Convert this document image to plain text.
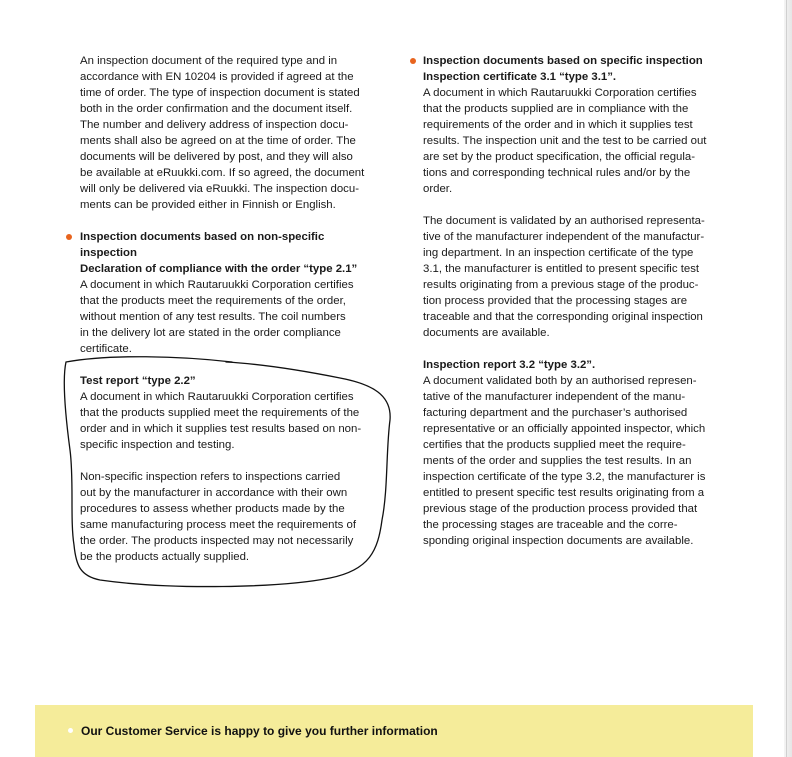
An inspection document of the required type and in
accordance with EN 10204 is provided if agreed at the
time of order. The type of inspection document is stated
both in the order confirmation and the document itself.
The number and delivery address of inspection docu-
ments shall also be agreed on at the time of order. The
documents will be delivered by post, and they will also
be available at eRuukki.com. If so agreed, the document
will only be delivered via eRuukki. The inspection docu-
ments can be provided either in Finnish or English.
Inspection documents based on non-specific
inspection
Declaration of compliance with the order “type 2.1”
A document in which Rautaruukki Corporation certifies
that the products meet the requirements of the order,
without mention of any test results. The coil numbers
in the delivery lot are stated in the order compliance
certificate.
Test report “type 2.2”
A document in which Rautaruukki Corporation certifies
that the products supplied meet the requirements of the
order and in which it supplies test results based on non-
specific inspection and testing.
Non-specific inspection refers to inspections carried
out by the manufacturer in accordance with their own
procedures to assess whether products made by the
same manufacturing process meet the requirements of
the order. The products inspected may not necessarily
be the products actually supplied.
Inspection documents based on specific inspection
Inspection certificate 3.1 “type 3.1”.
A document in which Rautaruukki Corporation certifies
that the products supplied are in compliance with the
requirements of the order and in which it supplies test
results. The inspection unit and the test to be carried out
are set by the product specification, the official regula-
tions and corresponding technical rules and/or by the
order.
The document is validated by an authorised representa-
tive of the manufacturer independent of the manufactur-
ing department. In an inspection certificate of the type
3.1, the manufacturer is entitled to present specific test
results originating from a previous stage of the produc-
tion process provided that the processing stages are
traceable and that the corresponding original inspection
documents are available.
Inspection report 3.2 “type 3.2”.
A document validated both by an authorised represen-
tative of the manufacturer independent of the manu-
facturing department and the purchaser’s authorised
representative or an officially appointed inspector, which
certifies that the products supplied meet the require-
ments of the order and supplies the test results. In an
inspection certificate of the type 3.2, the manufacturer is
entitled to present specific test results originating from a
previous stage of the production process provided that
the processing stages are traceable and the corre-
sponding original inspection documents are available.
Our Customer Service is happy to give you further information
